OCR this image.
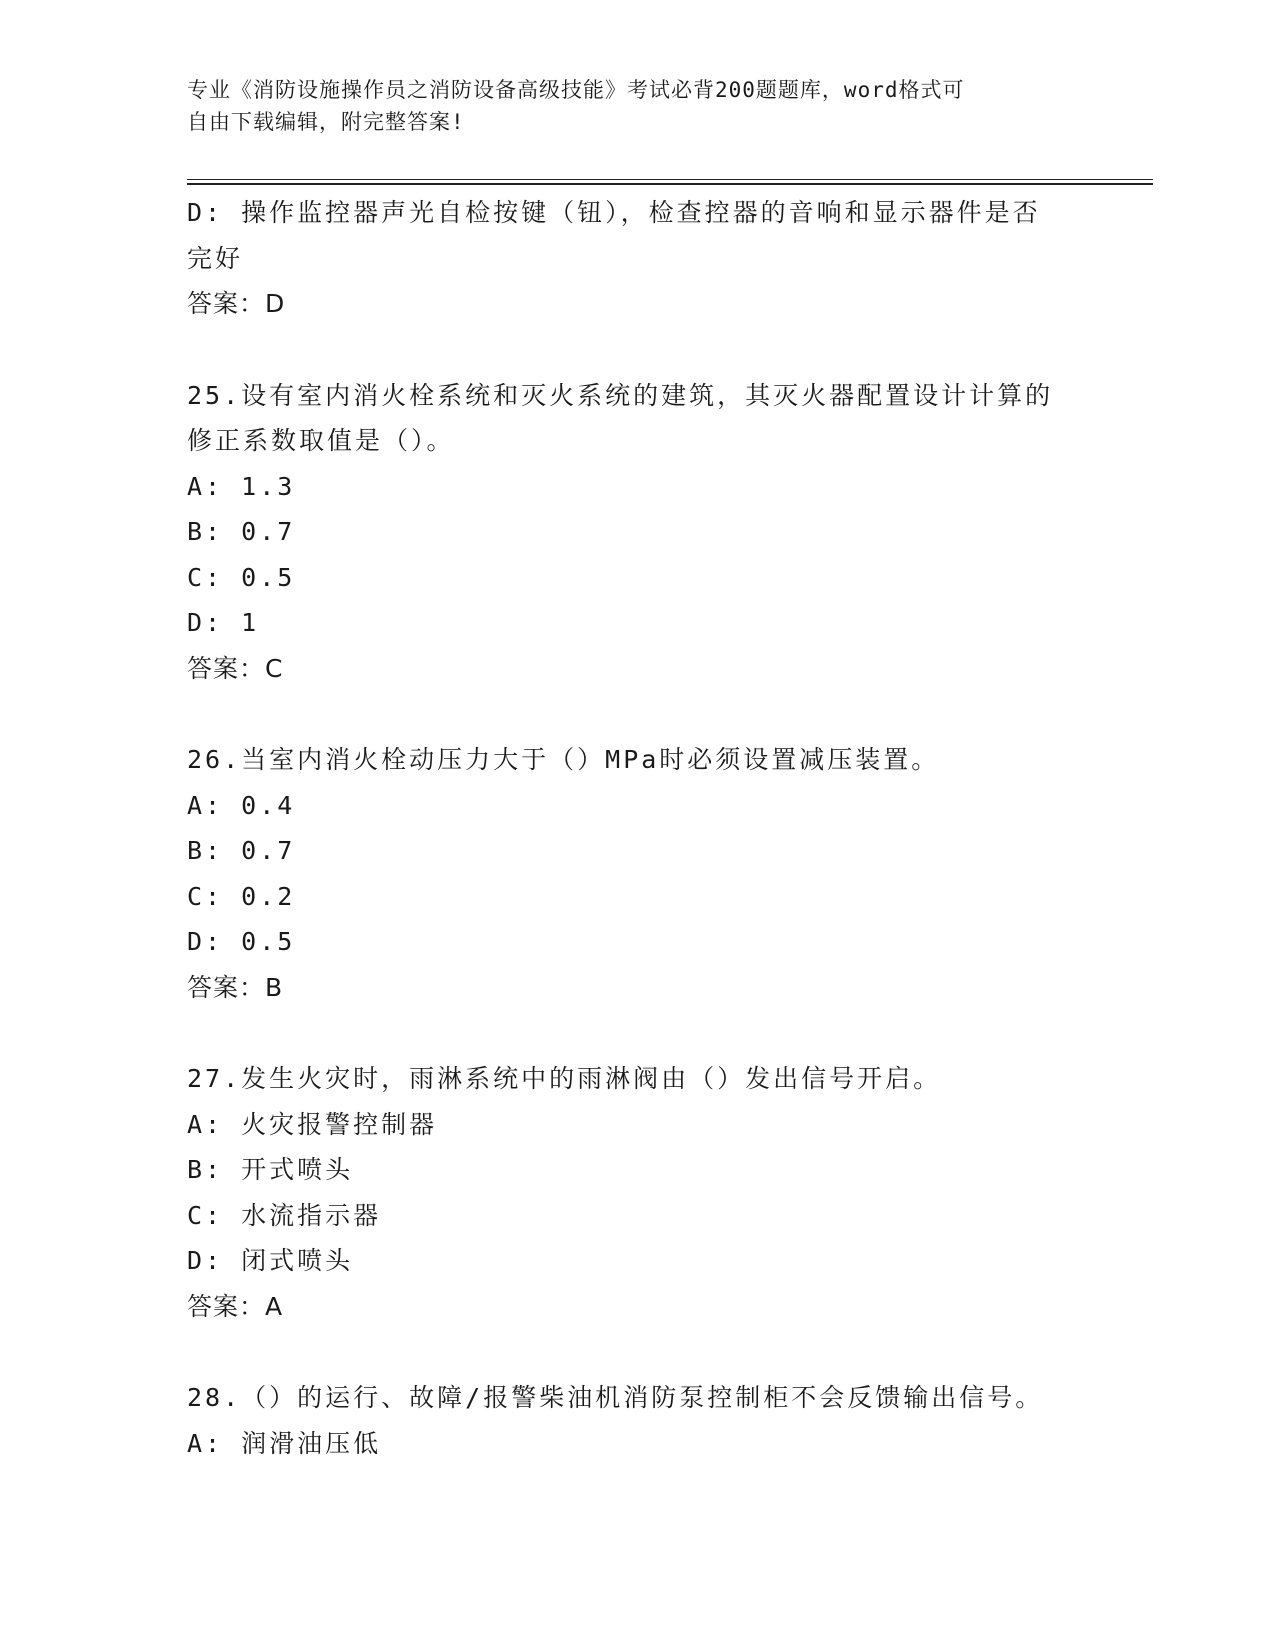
专业《消防设施操作员之消防设备高级技能》考试必背200题题库，word格式可
自由下载编辑，附完整答案!
D: 操作监控器声光自检按键（钮），检查控器的音响和显示器件是否
完好
答案：D
25.设有室内消火栓系统和灭火系统的建筑，其灭火器配置设计计算的
修正系数取值是（）。
A: 1.3
B: 0.7
C: 0.5
D: 1
答案：C
26.当室内消火栓动压力大于（）MPa时必须设置减压装置。
A: 0.4
B: 0.7
C: 0.2
D: 0.5
答案：B
27.发生火灾时，雨淋系统中的雨淋阀由（）发出信号开启。
A: 火灾报警控制器
B: 开式喷头
C: 水流指示器
D: 闭式喷头
答案：A
28.（）的运行、故障/报警柴油机消防泵控制柜不会反馈输出信号。
A: 润滑油压低
